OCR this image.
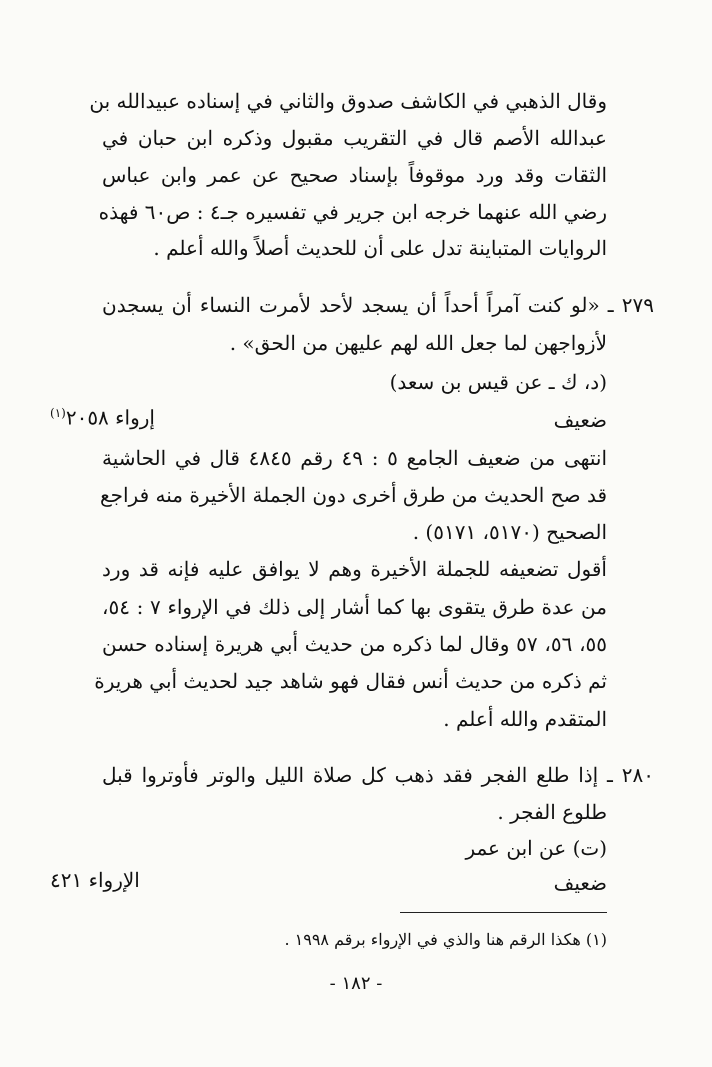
وقال الذهبي في الكاشف صدوق والثاني في إسناده عبيدالله بن
عبدالله الأصم قال في التقريب مقبول وذكره ابن حبان في
الثقات وقد ورد موقوفاً بإسناد صحيح عن عمر وابن عباس
رضي الله عنهما خرجه ابن جرير في تفسيره جـ٤ : ص٦٠ فهذه
الروايات المتباينة تدل على أن للحديث أصلاً والله أعلم .
٢٧٩ ـ «لو كنت آمراً أحداً أن يسجد لأحد لأمرت النساء أن يسجدن
لأزواجهن لما جعل الله لهم عليهن من الحق» .
(د، ك ـ عن قيس بن سعد)
ضعيف
إرواء ٢٠٥٨$^{(١)}$
انتهى من ضعيف الجامع ٥ : ٤٩ رقم ٤٨٤٥ قال في الحاشية
قد صح الحديث من طرق أخرى دون الجملة الأخيرة منه فراجع
الصحيح (٥١٧٠، ٥١٧١) .
أقول تضعيفه للجملة الأخيرة وهم لا يوافق عليه فإنه قد ورد
من عدة طرق يتقوى بها كما أشار إلى ذلك في الإرواء ٧ : ٥٤،
٥٥، ٥٦، ٥٧ وقال لما ذكره من حديث أبي هريرة إسناده حسن
ثم ذكره من حديث أنس فقال فهو شاهد جيد لحديث أبي هريرة
المتقدم والله أعلم .
٢٨٠ ـ إذا طلع الفجر فقد ذهب كل صلاة الليل والوتر فأوتروا قبل
طلوع الفجر .
(ت) عن ابن عمر
ضعيف
الإرواء ٤٢١
(١) هكذا الرقم هنا والذي في الإرواء برقم ١٩٩٨ .
- ١٨٢ -
